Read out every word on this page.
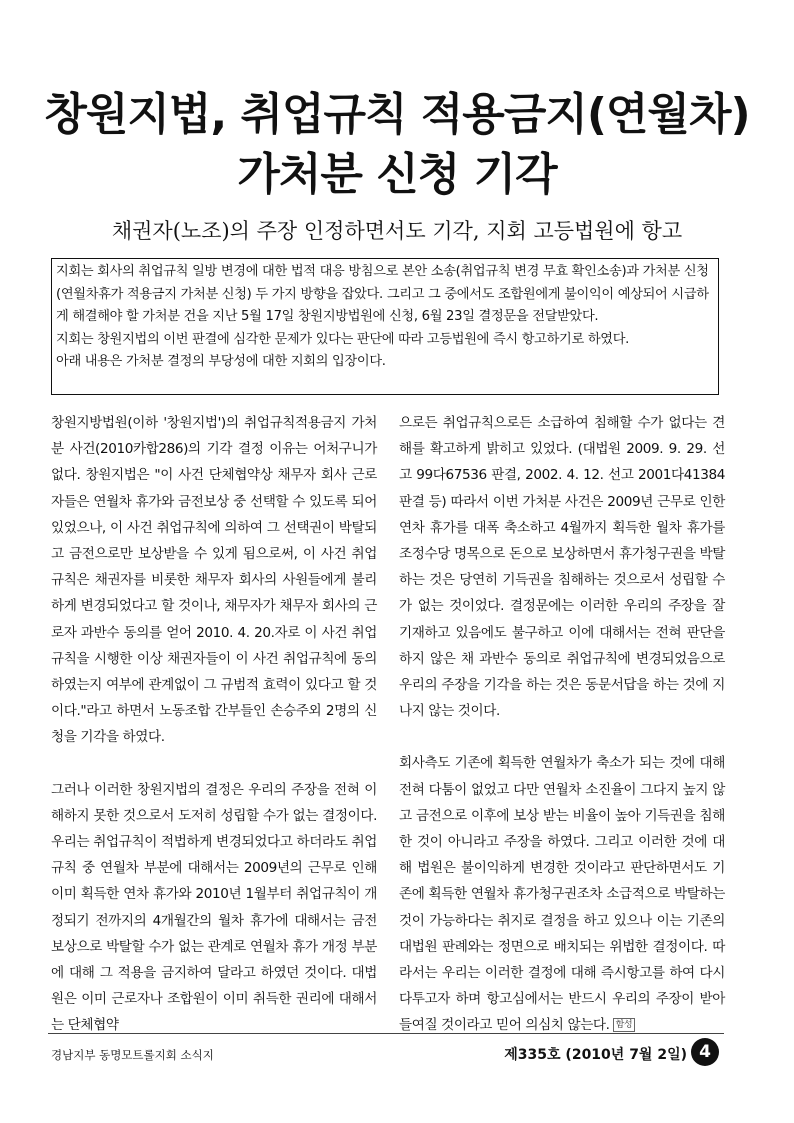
창원지법, 취업규칙 적용금지(연월차)
가처분 신청 기각
채권자(노조)의 주장 인정하면서도 기각, 지회 고등법원에 항고

지회는 회사의 취업규칙 일방 변경에 대한 법적 대응 방침으로 본안 소송(취업규칙 변경 무효 확인소송)과 가처분 신청(연월차휴가 적용금지 가처분 신청) 두 가지 방향을 잡았다. 그리고 그 중에서도 조합원에게 불이익이 예상되어 시급하게 해결해야 할 가처분 건을 지난 5월 17일 창원지방법원에 신청, 6월 23일 결정문을 전달받았다.

지회는 창원지법의 이번 판결에 심각한 문제가 있다는 판단에 따라 고등법원에 즉시 항고하기로 하였다.

아래 내용은 가처분 결정의 부당성에 대한 지회의 입장이다.

창원지방법원(이하 '창원지법')의 취업규칙적용금지 가처분 사건(2010카합286)의 기각 결정 이유는 어처구니가 없다. 창원지법은 "이 사건 단체협약상 채무자 회사 근로자들은 연월차 휴가와 금전보상 중 선택할 수 있도록 되어 있었으나, 이 사건 취업규칙에 의하여 그 선택권이 박탈되고 금전으로만 보상받을 수 있게 됨으로써, 이 사건 취업규칙은 채권자를 비롯한 채무자 회사의 사원들에게 불리하게 변경되었다고 할 것이나, 채무자가 채무자 회사의 근로자 과반수 동의를 얻어 2010. 4. 20.자로 이 사건 취업규칙을 시행한 이상 채권자들이 이 사건 취업규칙에 동의하였는지 여부에 관계없이 그 규범적 효력이 있다고 할 것이다."라고 하면서 노동조합 간부들인 손승주외 2명의 신청을 기각을 하였다.

그러나 이러한 창원지법의 결정은 우리의 주장을 전혀 이해하지 못한 것으로서 도저히 성립할 수가 없는 결정이다. 우리는 취업규칙이 적법하게 변경되었다고 하더라도 취업규칙 중 연월차 부분에 대해서는 2009년의 근무로 인해 이미 획득한 연차 휴가와 2010년 1월부터 취업규칙이 개정되기 전까지의 4개월간의 월차 휴가에 대해서는 금전 보상으로 박탈할 수가 없는 관계로 연월차 휴가 개정 부분에 대해 그 적용을 금지하여 달라고 하였던 것이다. 대법원은 이미 근로자나 조합원이 이미 취득한 권리에 대해서는 단체협약

으로든 취업규칙으로든 소급하여 침해할 수가 없다는 견해를 확고하게 밝히고 있었다. (대법원 2009. 9. 29. 선고 99다67536 판결, 2002. 4. 12. 선고 2001다41384 판결 등) 따라서 이번 가처분 사건은 2009년 근무로 인한 연차 휴가를 대폭 축소하고 4월까지 획득한 월차 휴가를 조정수당 명목으로 돈으로 보상하면서 휴가청구권을 박탈하는 것은 당연히 기득권을 침해하는 것으로서 성립할 수가 없는 것이었다. 결정문에는 이러한 우리의 주장을 잘 기재하고 있음에도 불구하고 이에 대해서는 전혀 판단을 하지 않은 채 과반수 동의로 취업규칙에 변경되었음으로 우리의 주장을 기각을 하는 것은 동문서답을 하는 것에 지나지 않는 것이다.

회사측도 기존에 획득한 연월차가 축소가 되는 것에 대해 전혀 다툼이 없었고 다만 연월차 소진율이 그다지 높지 않고 금전으로 이후에 보상 받는 비율이 높아 기득권을 침해한 것이 아니라고 주장을 하였다. 그리고 이러한 것에 대해 법원은 불이익하게 변경한 것이라고 판단하면서도 기존에 획득한 연월차 휴가청구권조차 소급적으로 박탈하는 것이 가능하다는 취지로 결정을 하고 있으나 이는 기존의 대법원 판례와는 정면으로 배치되는 위법한 결정이다. 따라서는 우리는 이러한 결정에 대해 즉시항고를 하여 다시 다투고자 하며 항고심에서는 반드시 우리의 주장이 받아들여질 것이라고 믿어 의심치 않는다. 함성

경남지부 동명모트롤지회 소식지	제335호 (2010년 7월 2일) 4
